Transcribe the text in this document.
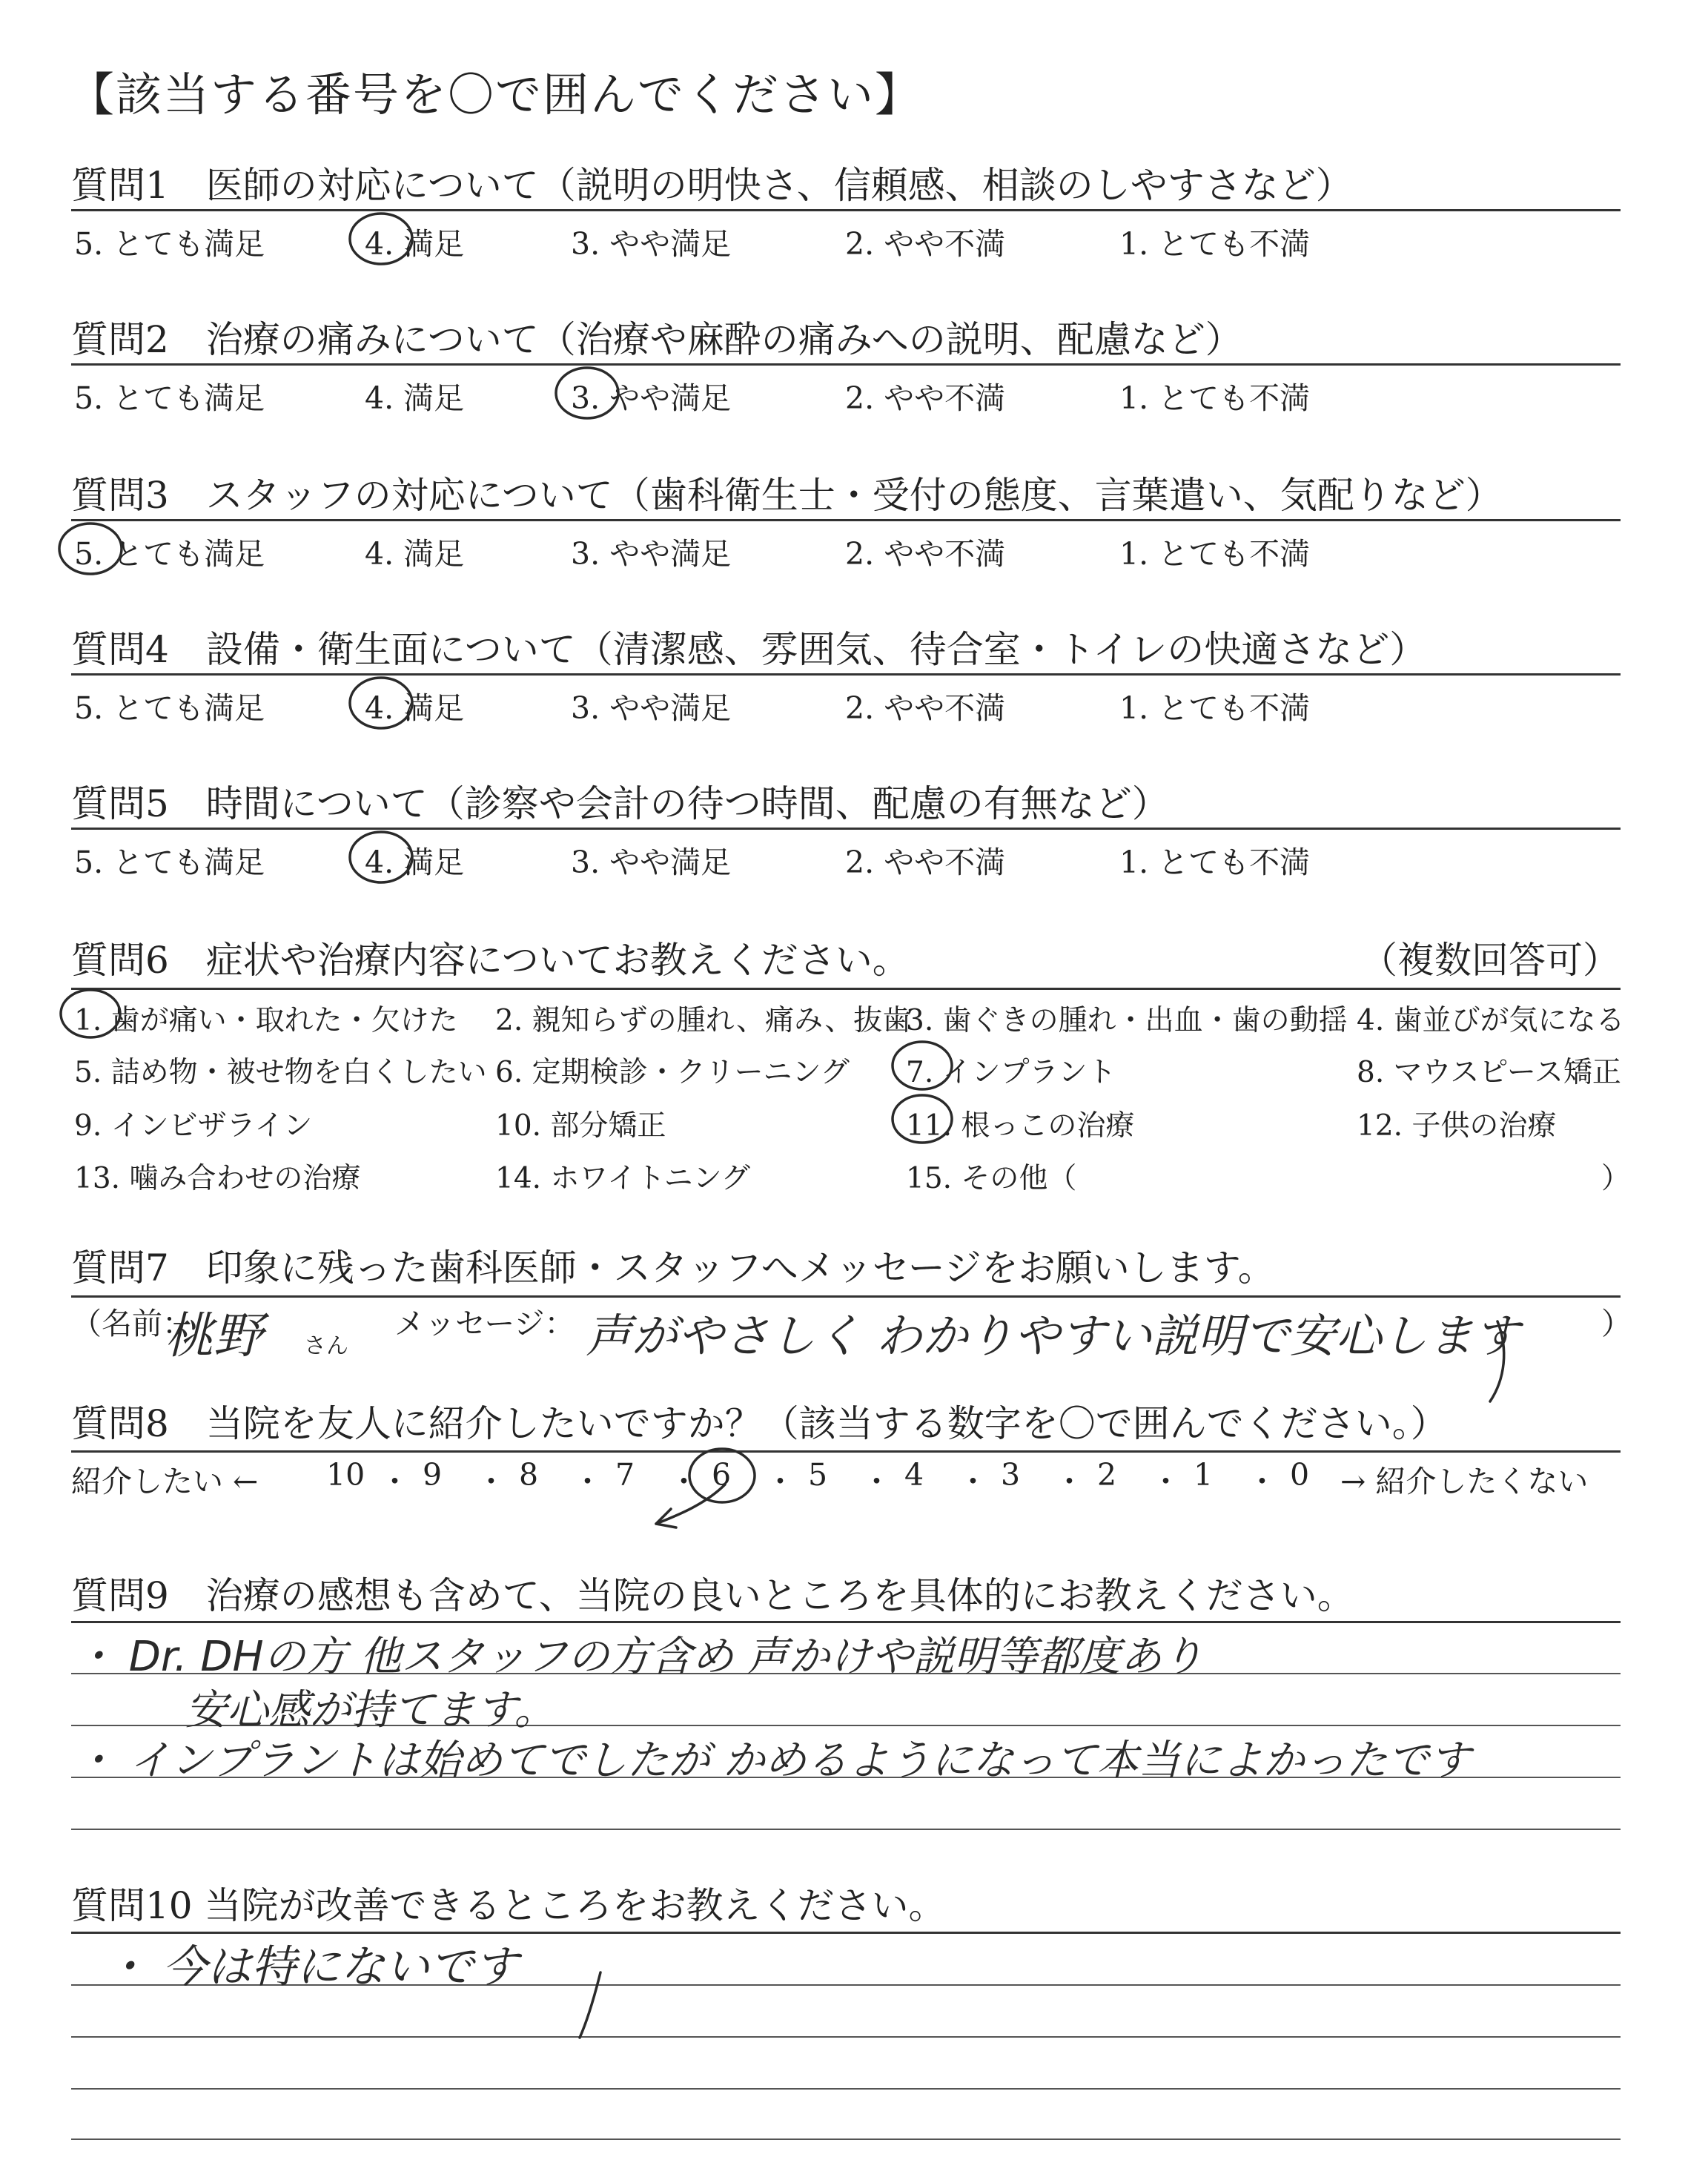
【該当する番号を〇で囲んでください】
質問1　医師の対応について（説明の明快さ、信頼感、相談のしやすさなど）
5. とても満足	4. 満足	3. やや満足	2. やや不満	1. とても不満
質問2　治療の痛みについて（治療や麻酔の痛みへの説明、配慮など）
5. とても満足	4. 満足	3. やや満足	2. やや不満	1. とても不満
質問3　スタッフの対応について（歯科衛生士・受付の態度、言葉遣い、気配りなど）
5. とても満足	4. 満足	3. やや満足	2. やや不満	1. とても不満
質問4　設備・衛生面について（清潔感、雰囲気、待合室・トイレの快適さなど）
5. とても満足	4. 満足	3. やや満足	2. やや不満	1. とても不満
質問5　時間について（診察や会計の待つ時間、配慮の有無など）
5. とても満足	4. 満足	3. やや満足	2. やや不満	1. とても不満
質問6　症状や治療内容についてお教えください。	（複数回答可）
1. 歯が痛い・取れた・欠けた 2. 親知らずの腫れ、痛み、抜歯
3. 歯ぐきの腫れ・出血・歯の動揺 4. 歯並びが気になる
5. 詰め物・被せ物を白くしたい 6. 定期検診・クリーニング 7. インプラント	8. マウスピース矯正
9. インビザライン	10. 部分矯正	11. 根っこの治療	12. 子供の治療
13. 噛み合わせの治療	14. ホワイトニング	15. その他（	）
質問7　印象に残った歯科医師・スタッフへメッセージをお願いします。
（名前：
桃野 さん
メッセージ： 声がやさしく わかりやすい説明で安心します	）
質問8　当院を友人に紹介したいですか？（該当する数字を〇で囲んでください。）
紹介したい ← 10 ・ 9 ・ 8 ・ 7 ・ 6 ・ 5 ・ 4 ・ 3 ・ 2 ・ 1 ・ 0 → 紹介したくない
質問9　治療の感想も含めて、当院の良いところを具体的にお教えください。
・ Dr. DHの方 他スタッフの方含め 声かけや説明等都度あり
安心感が持てます。
・ インプラントは始めてでしたが かめるようになって本当によかったです
質問10 当院が改善できるところをお教えください。
・ 今は特にないです
